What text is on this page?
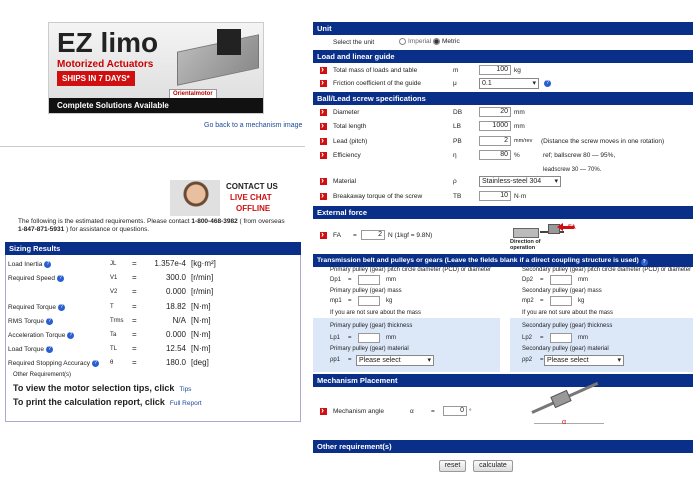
EZ limo
Motorized Actuators
SHIPS IN 7 DAYS*
Orientalmotor
Complete Solutions Available
Go back to a mechanism image
CONTACT US
LIVE CHAT
OFFLINE
The following is the estimated requirements. Please contact 1-800-468-3982 ( from overseas 1-847-871-5931 ) for assistance or questions.
Sizing Results
Other Requirement(s)
To view the motor selection tips, click Tips
To print the calculation report, click Full Report
Unit
Select the unit	Imperial	Metric
Load and linear guide
›
Total mass of loads and table	m	100 kg
›
Friction coefficient of the guide	μ	0.1 ▾	?
Ball/Lead screw specifications
›
Diameter	DB	20 mm
›
Total length	LB	1000 mm
›
Lead (pitch)	PB	2	mm/rev (Distance the screw moves in one rotation)
›
Efficiency	η	80 %	ref; ballscrew 80 — 95%,
leadscrew 30 — 70%.
›
Material	ρ	Stainless-steel 304 ▾
›
Breakaway torque of the screw	TB	10 N·m
External force
›
FA =	2 N (1kgf = 9.8N)
FA
Direction of
operation
Transmission belt and pulleys or gears (Leave the fields blank if a direct coupling structure is used) ?
Primary pulley (gear) pitch circle diameter (PCD) or diameter
Dp1 =	mm
Primary pulley (gear) mass
mp1 =	kg
If you are not sure about the mass
Primary pulley (gear) thickness
Lp1 =	mm
Primary pulley (gear) material
ρp1 =	Please select ▾
Secondary pulley (gear) pitch circle diameter (PCD) or diameter
Dp2 =	mm
Secondary pulley (gear) mass
mp2 =	kg
If you are not sure about the mass
Secondary pulley (gear) thickness
Lp2 =	mm
Secondary pulley (gear) material
ρp2 = Please select ▾
Mechanism Placement
›
Mechanism angle	α	=	0 °
α
Other requirement(s)
reset	calculate
Load Inertia ?	JL =	1.357e-4 [kg·m²]
Required Speed ?	V1 =	300.0 [r/min]
V2 =	0.000 [r/min]
Required Torque ?	T =	18.82 [N·m]
RMS Torque ?	Trms =	N/A [N·m]
Acceleration Torque ?	Ta =	0.000 [N·m]
Load Torque ?	TL =	12.54 [N·m]
Required Stopping Accuracy ?	θ =	180.0 [deg]
